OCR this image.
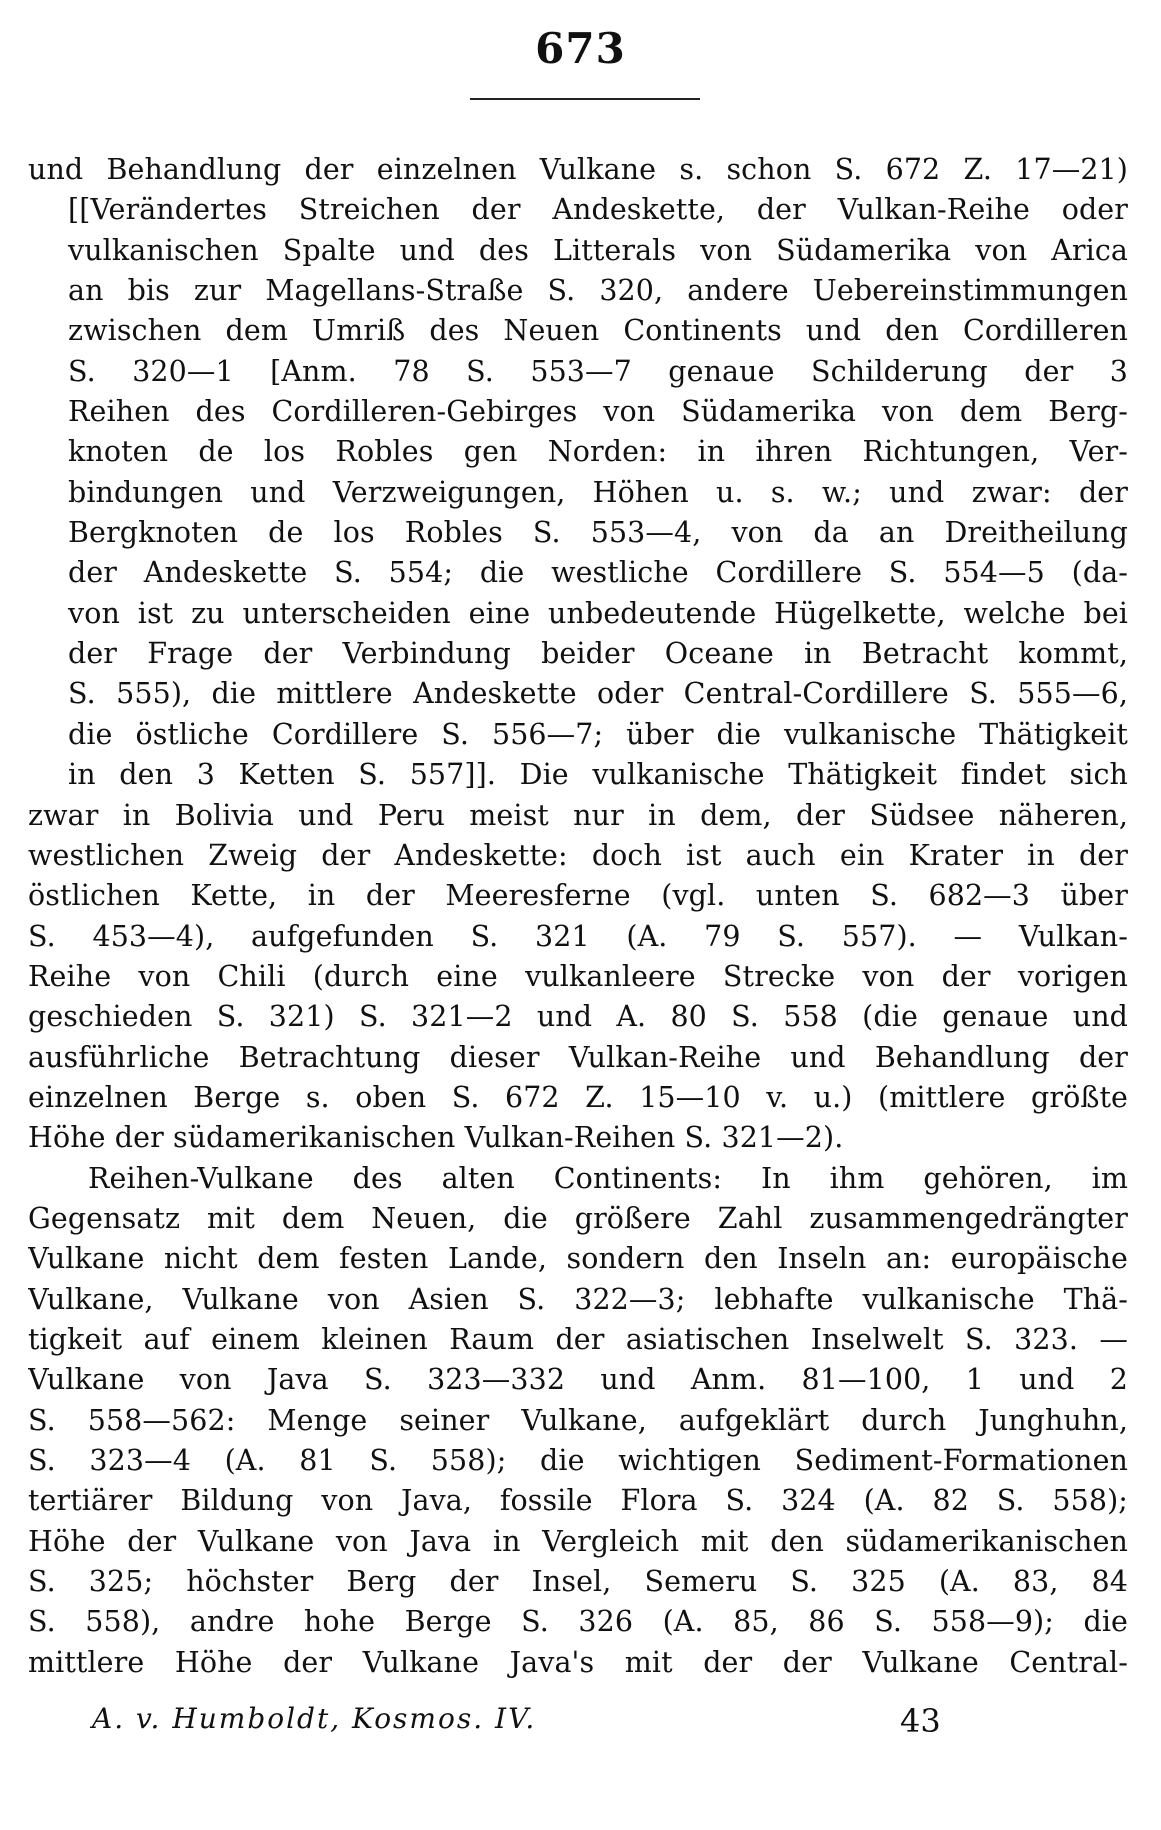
673
und Behandlung der einzelnen Vulkane s. schon S. 672 Z. 17—21)
[[Verändertes Streichen der Andeskette, der Vulkan-Reihe oder
vulkanischen Spalte und des Litterals von Südamerika von Arica
an bis zur Magellans-Straße S. 320, andere Uebereinstimmungen
zwischen dem Umriß des Neuen Continents und den Cordilleren
S. 320—1 [Anm. 78 S. 553—7 genaue Schilderung der 3
Reihen des Cordilleren-Gebirges von Südamerika von dem Berg-
knoten de los Robles gen Norden: in ihren Richtungen, Ver-
bindungen und Verzweigungen, Höhen u. s. w.; und zwar: der
Bergknoten de los Robles S. 553—4, von da an Dreitheilung
der Andeskette S. 554; die westliche Cordillere S. 554—5 (da-
von ist zu unterscheiden eine unbedeutende Hügelkette, welche bei
der Frage der Verbindung beider Oceane in Betracht kommt,
S. 555), die mittlere Andeskette oder Central-Cordillere S. 555—6,
die östliche Cordillere S. 556—7; über die vulkanische Thätigkeit
in den 3 Ketten S. 557]]. Die vulkanische Thätigkeit findet sich
zwar in Bolivia und Peru meist nur in dem, der Südsee näheren,
westlichen Zweig der Andeskette: doch ist auch ein Krater in der
östlichen Kette, in der Meeresferne (vgl. unten S. 682—3 über
S. 453—4), aufgefunden S. 321 (A. 79 S. 557). — Vulkan-
Reihe von Chili (durch eine vulkanleere Strecke von der vorigen
geschieden S. 321) S. 321—2 und A. 80 S. 558 (die genaue und
ausführliche Betrachtung dieser Vulkan-Reihe und Behandlung der
einzelnen Berge s. oben S. 672 Z. 15—10 v. u.) (mittlere größte
Höhe der südamerikanischen Vulkan-Reihen S. 321—2).
Reihen-Vulkane des alten Continents: In ihm gehören, im
Gegensatz mit dem Neuen, die größere Zahl zusammengedrängter
Vulkane nicht dem festen Lande, sondern den Inseln an: europäische
Vulkane, Vulkane von Asien S. 322—3; lebhafte vulkanische Thä-
tigkeit auf einem kleinen Raum der asiatischen Inselwelt S. 323. —
Vulkane von Java S. 323—332 und Anm. 81—100, 1 und 2
S. 558—562: Menge seiner Vulkane, aufgeklärt durch Junghuhn,
S. 323—4 (A. 81 S. 558); die wichtigen Sediment-Formationen
tertiärer Bildung von Java, fossile Flora S. 324 (A. 82 S. 558);
Höhe der Vulkane von Java in Vergleich mit den südamerikanischen
S. 325; höchster Berg der Insel, Semeru S. 325 (A. 83, 84
S. 558), andre hohe Berge S. 326 (A. 85, 86 S. 558—9); die
mittlere Höhe der Vulkane Java's mit der der Vulkane Central-
A. v. Humboldt, Kosmos. IV.	43
